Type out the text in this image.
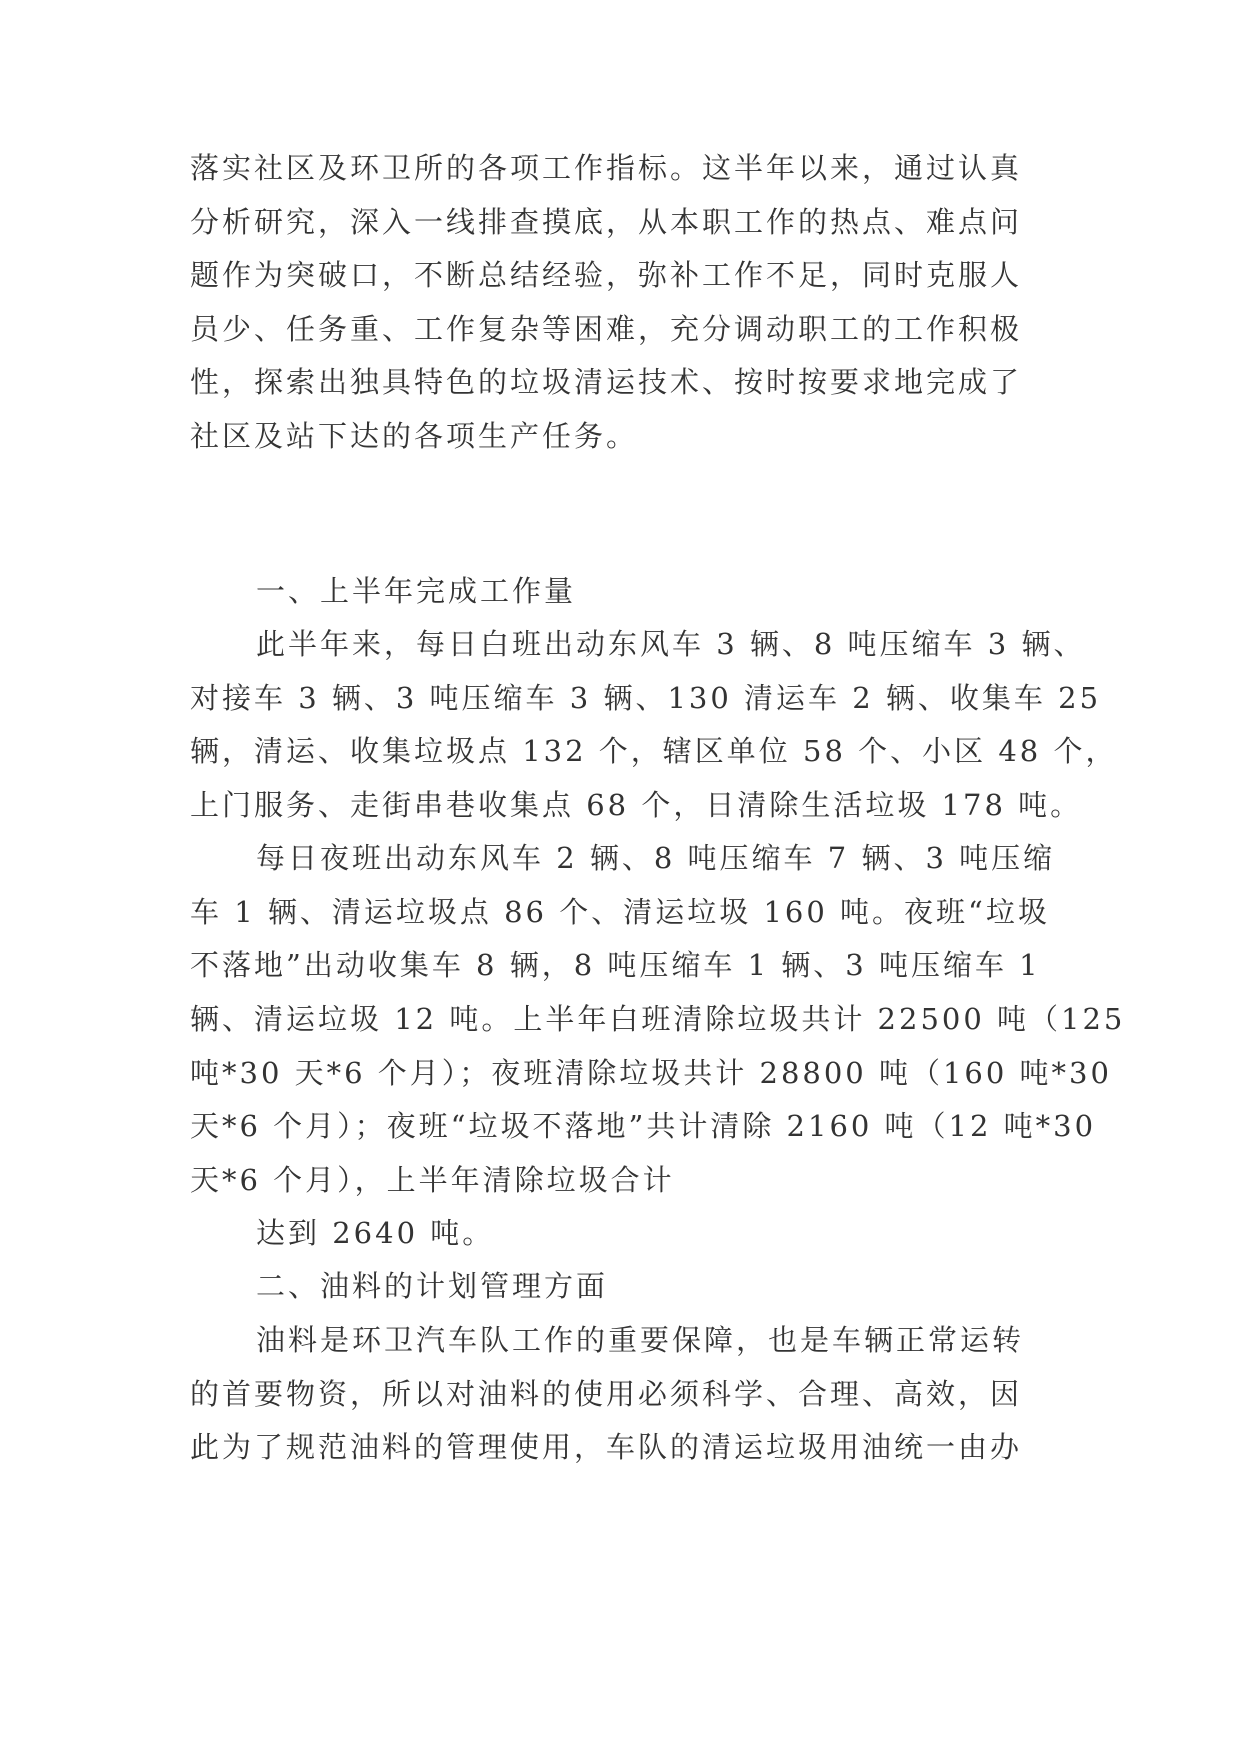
落实社区及环卫所的各项工作指标。这半年以来，通过认真
分析研究，深入一线排查摸底，从本职工作的热点、难点问
题作为突破口，不断总结经验，弥补工作不足，同时克服人
员少、任务重、工作复杂等困难，充分调动职工的工作积极
性，探索出独具特色的垃圾清运技术、按时按要求地完成了
社区及站下达的各项生产任务。
一、上半年完成工作量
此半年来，每日白班出动东风车 3 辆、8 吨压缩车 3 辆、
对接车 3 辆、3 吨压缩车 3 辆、130 清运车 2 辆、收集车 25
辆，清运、收集垃圾点 132 个，辖区单位 58 个、小区 48 个，
上门服务、走街串巷收集点 68 个，日清除生活垃圾 178 吨。
每日夜班出动东风车 2 辆、8 吨压缩车 7 辆、3 吨压缩
车 1 辆、清运垃圾点 86 个、清运垃圾 160 吨。夜班“垃圾
不落地”出动收集车 8 辆，8 吨压缩车 1 辆、3 吨压缩车 1
辆、清运垃圾 12 吨。上半年白班清除垃圾共计 22500 吨（125
吨*30 天*6 个月）；夜班清除垃圾共计 28800 吨（160 吨*30
天*6 个月）；夜班“垃圾不落地”共计清除 2160 吨（12 吨*30
天*6 个月），上半年清除垃圾合计
达到 2640 吨。
二、油料的计划管理方面
油料是环卫汽车队工作的重要保障，也是车辆正常运转
的首要物资，所以对油料的使用必须科学、合理、高效，因
此为了规范油料的管理使用，车队的清运垃圾用油统一由办
